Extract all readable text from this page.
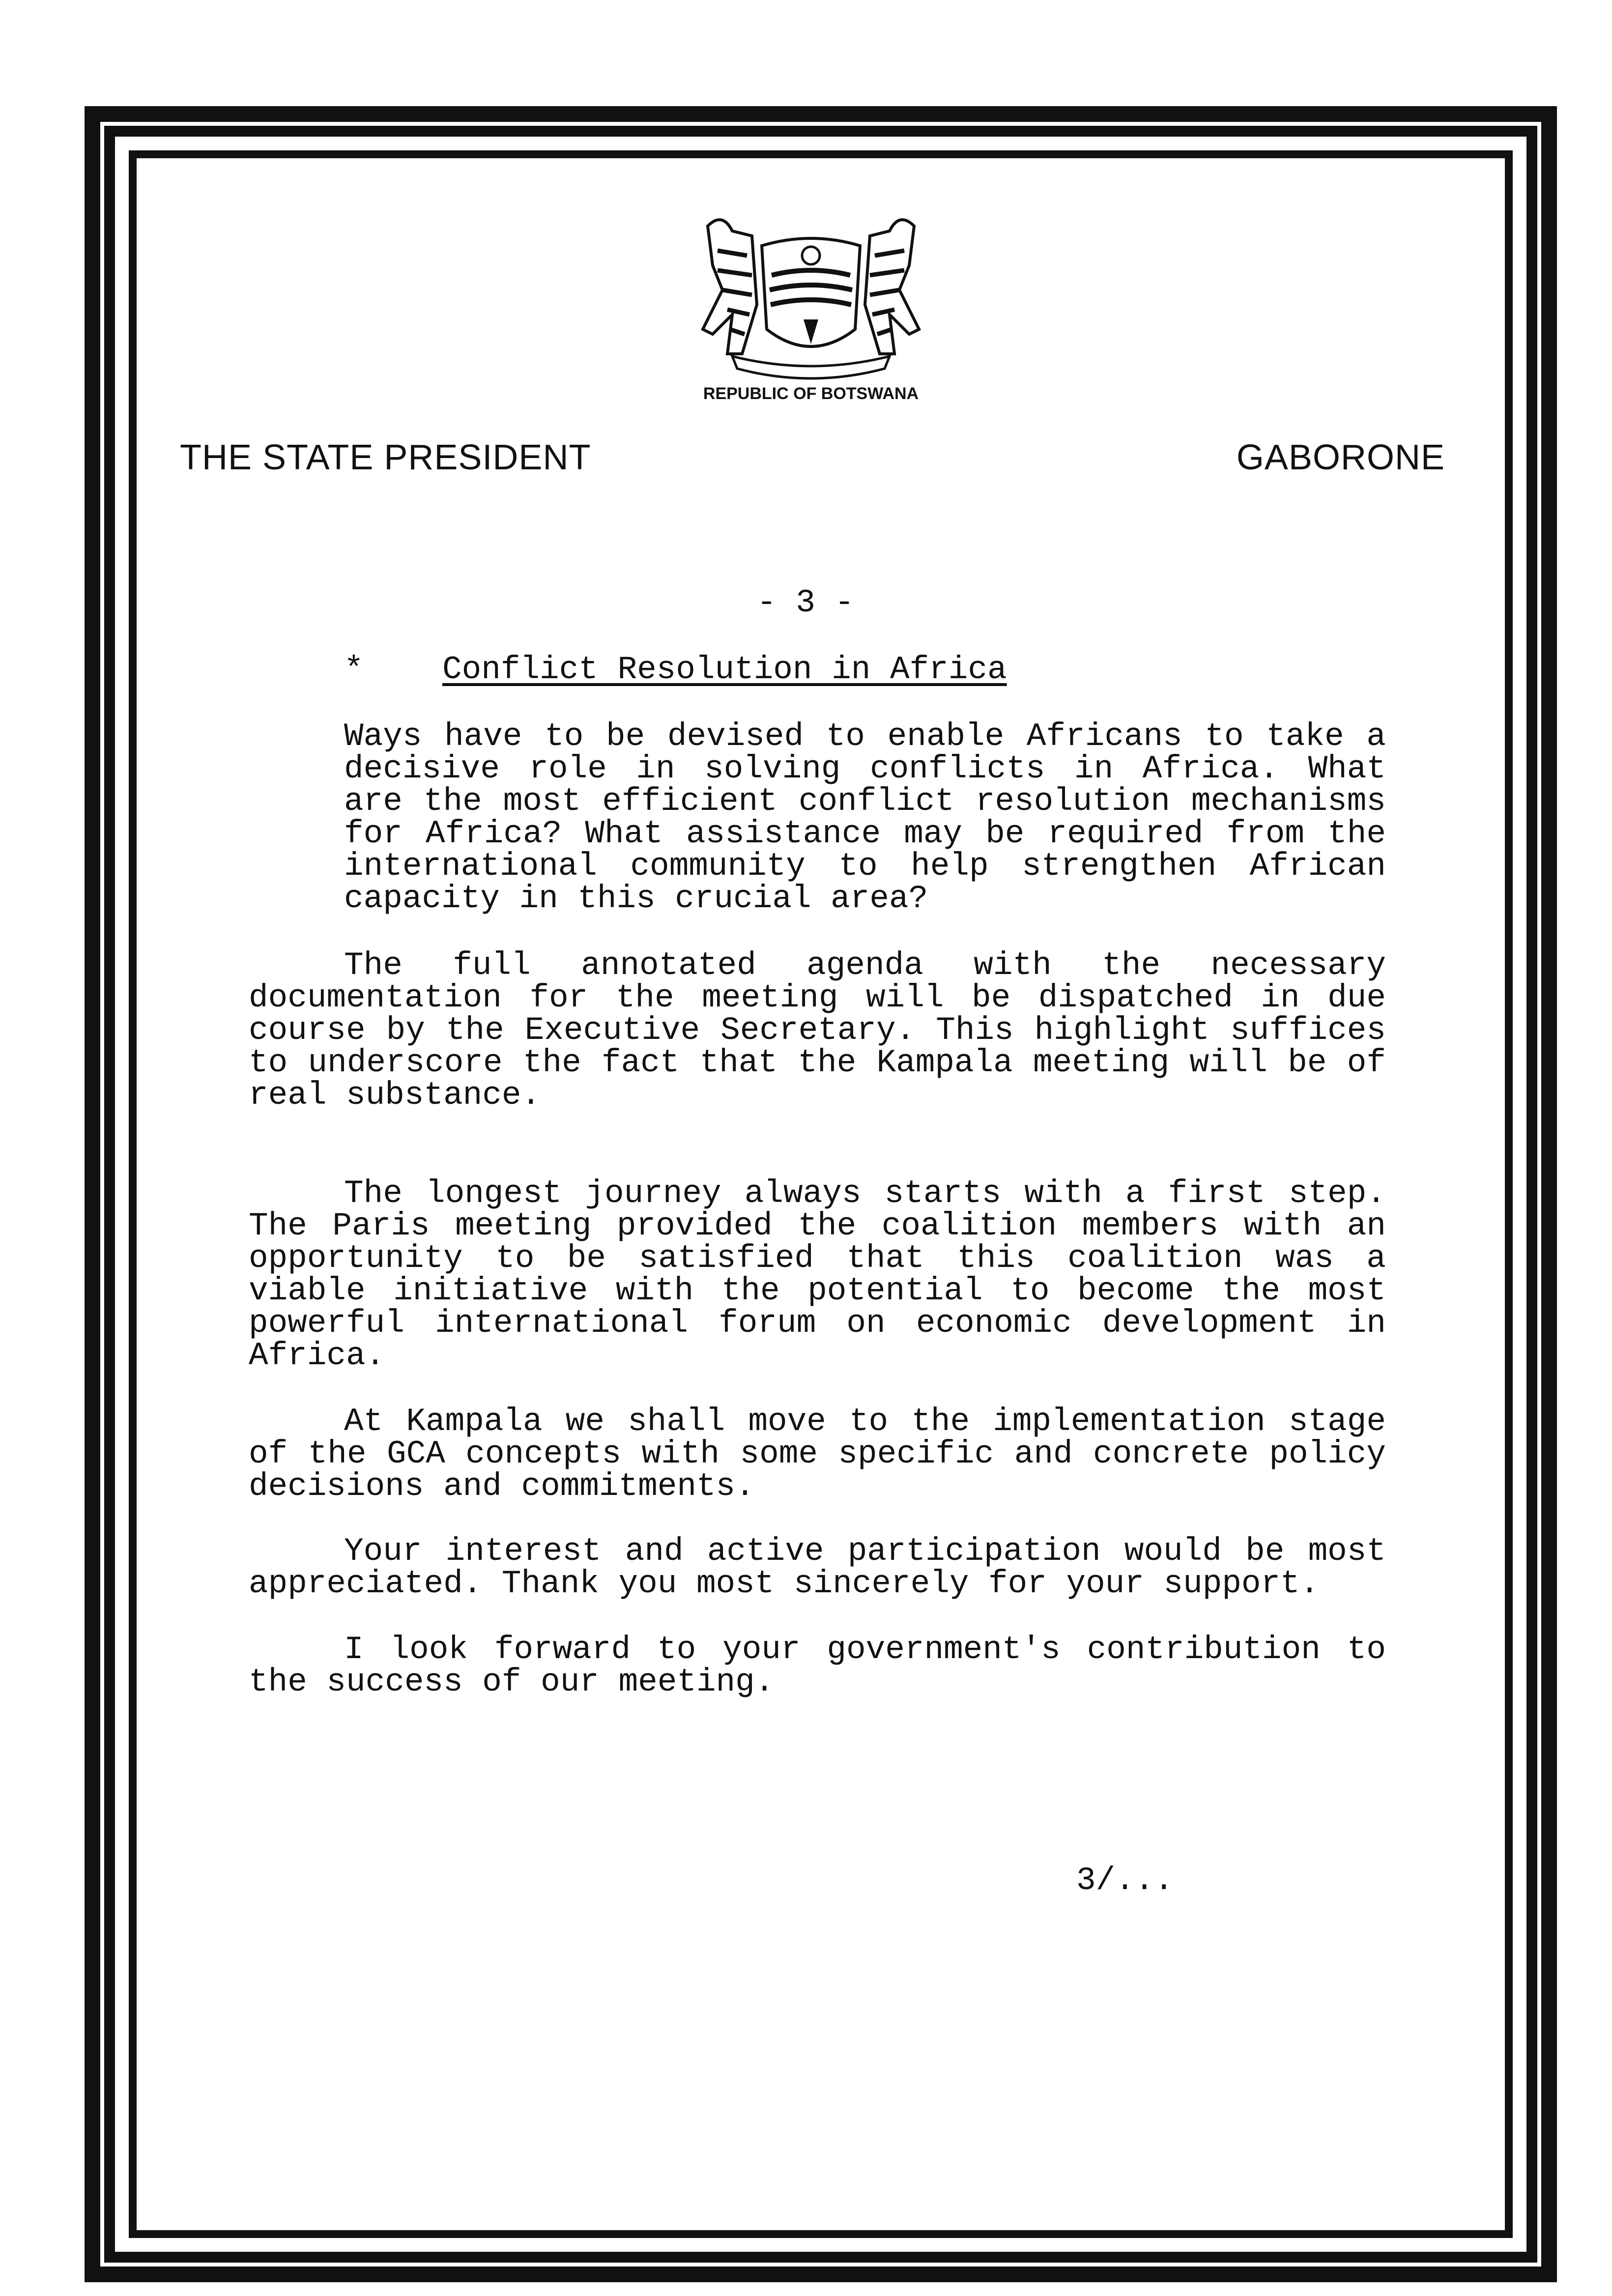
REPUBLIC OF BOTSWANA
THE STATE PRESIDENT	GABORONE
- 3 -
* Conflict Resolution in Africa
Ways have to be devised to enable Africans to take a decisive role in solving conflicts in Africa. What are the most efficient conflict resolution mechanisms for Africa? What assistance may be required from the international community to help strengthen African capacity in this crucial area?
The full annotated agenda with the necessary documentation for the meeting will be dispatched in due course by the Executive Secretary. This highlight suffices to underscore the fact that the Kampala meeting will be of real substance.
The longest journey always starts with a first step. The Paris meeting provided the coalition members with an opportunity to be satisfied that this coalition was a viable initiative with the potential to become the most powerful international forum on economic development in Africa.
At Kampala we shall move to the implementation stage of the GCA concepts with some specific and concrete policy decisions and commitments.
Your interest and active participation would be most appreciated. Thank you most sincerely for your support.
I look forward to your government's contribution to the success of our meeting.
3/...
